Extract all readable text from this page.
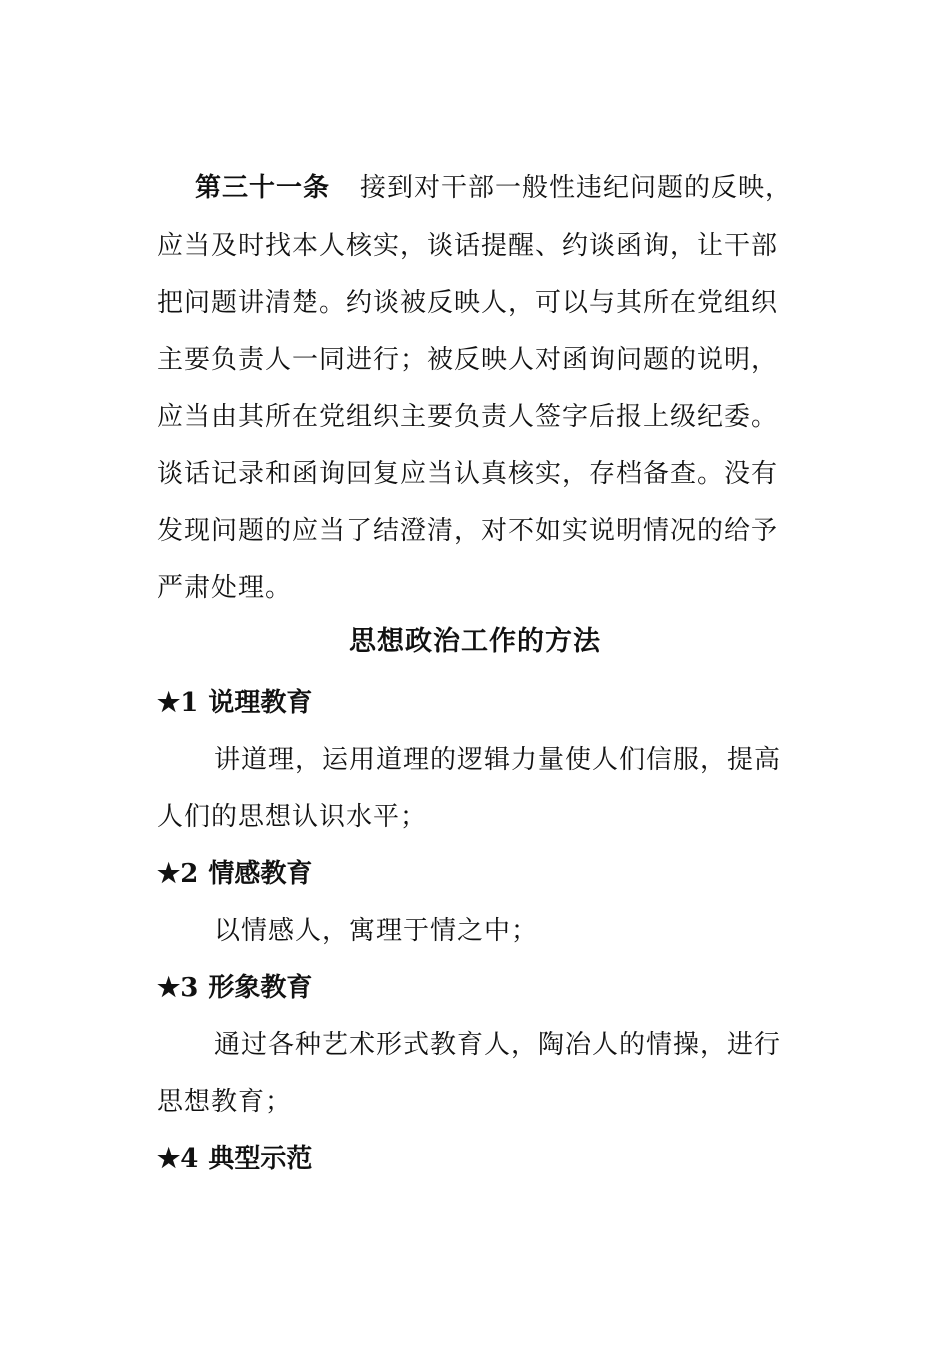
第三十一条 接到对干部一般性违纪问题的反映，
应当及时找本人核实，谈话提醒、约谈函询，让干部
把问题讲清楚。约谈被反映人，可以与其所在党组织
主要负责人一同进行；被反映人对函询问题的说明，
应当由其所在党组织主要负责人签字后报上级纪委。
谈话记录和函询回复应当认真核实，存档备查。没有
发现问题的应当了结澄清，对不如实说明情况的给予
严肃处理。
思想政治工作的方法
★1 说理教育
讲道理，运用道理的逻辑力量使人们信服，提高
人们的思想认识水平；
★2 情感教育
以情感人，寓理于情之中；
★3 形象教育
通过各种艺术形式教育人，陶冶人的情操，进行
思想教育；
★4 典型示范
